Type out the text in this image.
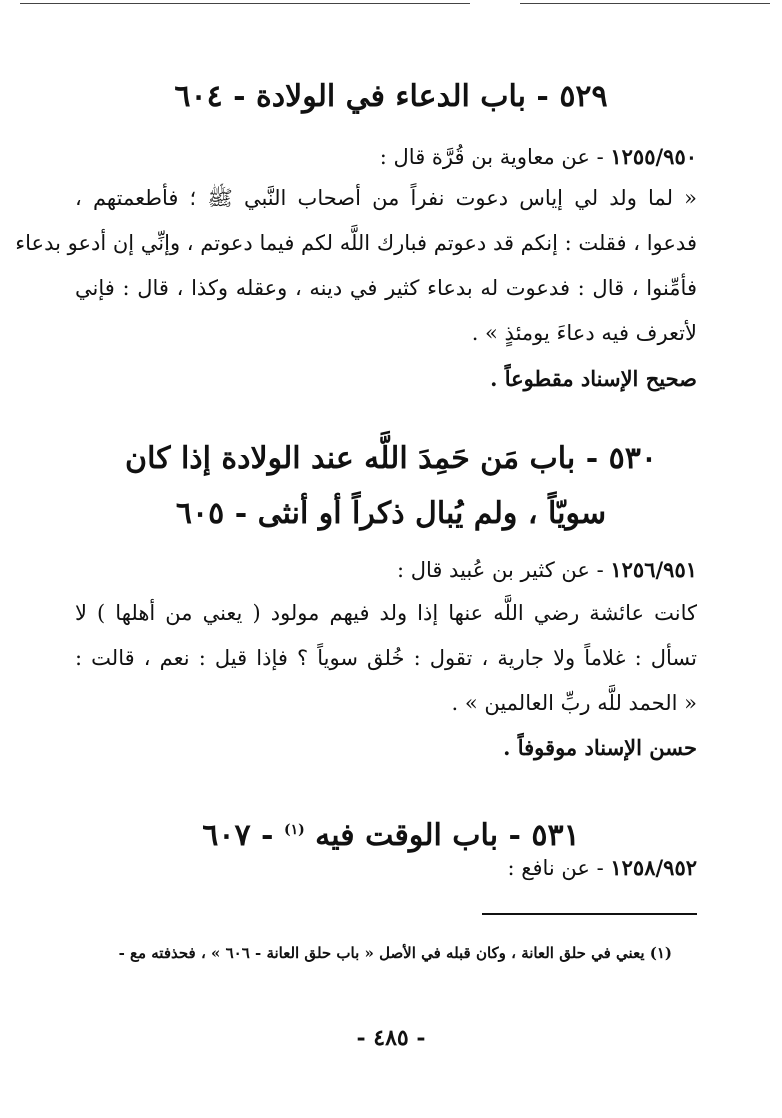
٥٢٩ - باب الدعاء في الولادة - ٦٠٤
١٢٥٥/٩٥٠ - عن معاوية بن قُرَّة قال :
« لما ولد لي إياس دعوت نفراً من أصحاب النَّبي ﷺ ؛ فأطعمتهم ،
فدعوا ، فقلت : إنكم قد دعوتم فبارك اللَّه لكم فيما دعوتم ، وإنِّي إن أدعو بدعاء
فأمِّنوا ، قال : فدعوت له بدعاء كثير في دينه ، وعقله وكذا ، قال : فإني
لأتعرف فيه دعاءَ يومئذٍ » .
صحيح الإسناد مقطوعاً .
٥٣٠ - باب مَن حَمِدَ اللَّه عند الولادة إذا كان
سويّاً ، ولم يُبال ذكراً أو أنثى - ٦٠٥
١٢٥٦/٩٥١ - عن كثير بن عُبيد قال :
كانت عائشة رضي اللَّه عنها إذا ولد فيهم مولود ( يعني من أهلها ) لا
تسأل : غلاماً ولا جارية ، تقول : خُلق سوياً ؟ فإذا قيل : نعم ، قالت :
« الحمد للَّه ربِّ العالمين » .
حسن الإسناد موقوفاً .
٥٣١ - باب الوقت فيه $^{(١)}$ - ٦٠٧
١٢٥٨/٩٥٢ - عن نافع :
(١) يعني في حلق العانة ، وكان قبله في الأصل « باب حلق العانة - ٦٠٦ » ، فحذفته مع -
- ٤٨٥ -
